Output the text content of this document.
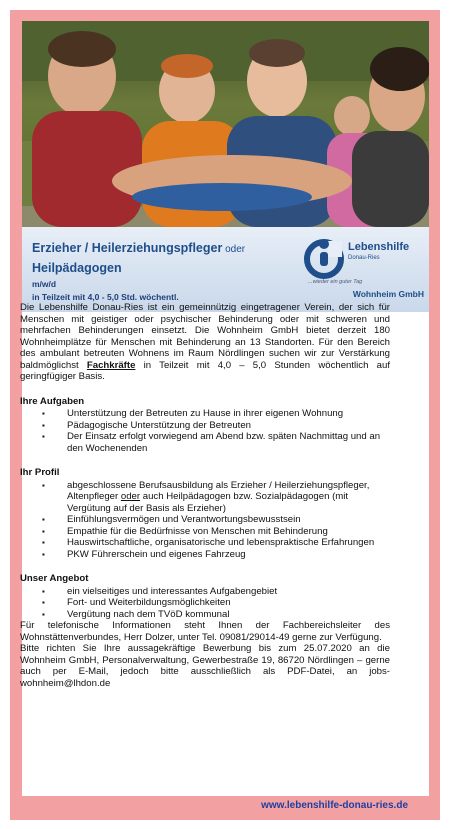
Erzieher / Heilerziehungspfleger oder
Heilpädagogen
m/w/d
in Teilzeit mit 4,0 - 5,0 Std. wöchentl.
Lebenshilfe
Donau-Ries
...wieder ein guter Tag
Wohnheim GmbH
www.lebenshilfe-donau-ries.de

Die Lebenshilfe Donau-Ries ist ein gemeinnützig eingetragener Verein, der sich für Menschen mit geistiger oder psychischer Behinderung oder mit schweren und mehrfachen Behinderungen einsetzt. Die Wohnheim GmbH bietet derzeit 180 Wohnheimplätze für Menschen mit Behinderung an 13 Standorten. Für den Bereich des ambulant betreuten Wohnens im Raum Nördlingen suchen wir zur Verstärkung baldmöglichst Fachkräfte in Teilzeit mit 4,0 – 5,0 Stunden wöchentlich auf geringfügiger Basis.

Ihre Aufgaben
▪ Unterstützung der Betreuten zu Hause in ihrer eigenen Wohnung
▪ Pädagogische Unterstützung der Betreuten
▪ Der Einsatz erfolgt vorwiegend am Abend bzw. späten Nachmittag und an den Wochenenden
Ihr Profil
▪ abgeschlossene Berufsausbildung als Erzieher / Heilerziehungspfleger, Altenpfleger oder auch Heilpädagogen bzw. Sozialpädagogen (mit Vergütung auf der Basis als Erzieher)
▪ Einfühlungsvermögen und Verantwortungsbewusstsein
▪ Empathie für die Bedürfnisse von Menschen mit Behinderung
▪ Hauswirtschaftliche, organisatorische und lebenspraktische Erfahrungen
▪ PKW Führerschein und eigenes Fahrzeug
Unser Angebot
▪ ein vielseitiges und interessantes Aufgabengebiet
▪ Fort- und Weiterbildungsmöglichkeiten
▪ Vergütung nach dem TVöD kommunal

Für telefonische Informationen steht Ihnen der Fachbereichsleiter des Wohnstättenverbundes, Herr Dolzer, unter Tel. 09081/29014-49 gerne zur Verfügung.

Bitte richten Sie Ihre aussagekräftige Bewerbung bis zum 25.07.2020 an die Wohnheim GmbH, Personalverwaltung, Gewerbestraße 19, 86720 Nördlingen – gerne auch per E-Mail, jedoch bitte ausschließlich als PDF-Datei, an jobs-wohnheim@lhdon.de
